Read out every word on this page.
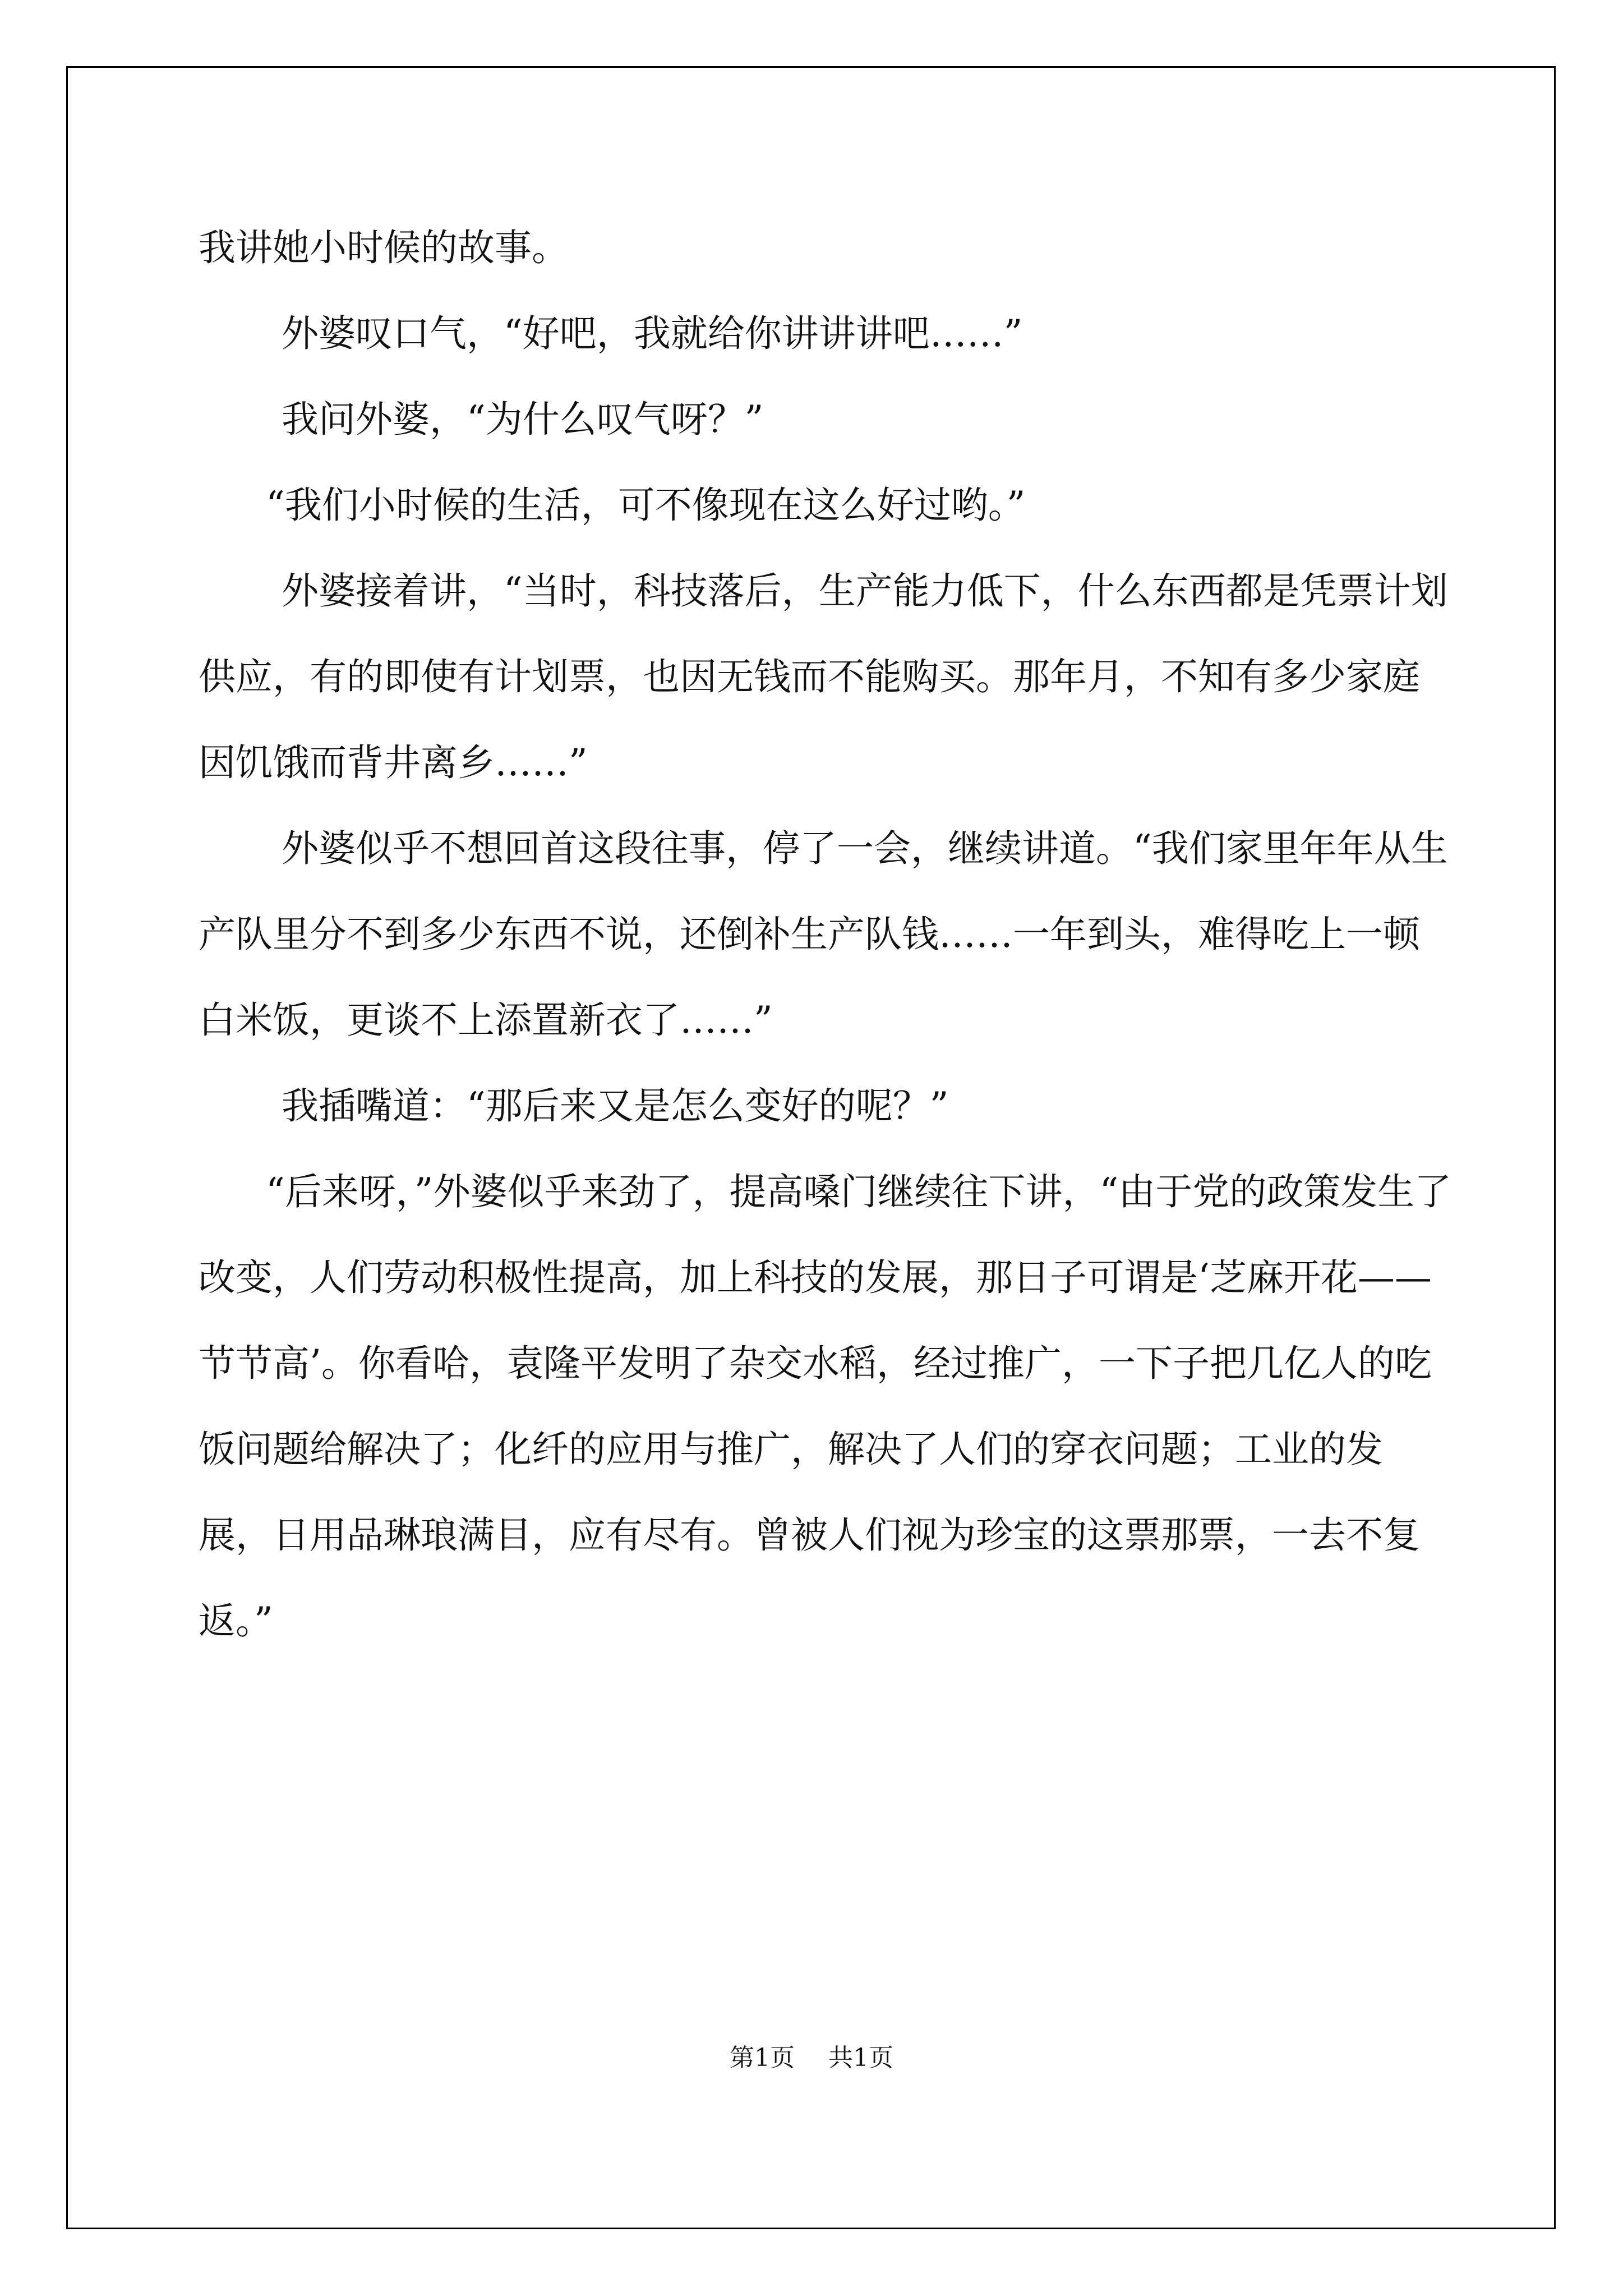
我讲她小时候的故事。

外婆叹口气，“好吧，我就给你讲讲讲吧……”

我问外婆，“为什么叹气呀？”

“我们小时候的生活，可不像现在这么好过哟。”

外婆接着讲，“当时，科技落后，生产能力低下，什么东西都是凭票计划供应，有的即使有计划票，也因无钱而不能购买。那年月，不知有多少家庭因饥饿而背井离乡……”

外婆似乎不想回首这段往事，停了一会，继续讲道。“我们家里年年从生产队里分不到多少东西不说，还倒补生产队钱……一年到头，难得吃上一顿白米饭，更谈不上添置新衣了……”

我插嘴道：“那后来又是怎么变好的呢？”

“后来呀，”外婆似乎来劲了，提高嗓门继续往下讲，“由于党的政策发生了改变，人们劳动积极性提高，加上科技的发展，那日子可谓是‘芝麻开花——节节高’。你看哈，袁隆平发明了杂交水稻，经过推广，一下子把几亿人的吃饭问题给解决了；化纤的应用与推广，解决了人们的穿衣问题；工业的发展，日用品琳琅满目，应有尽有。曾被人们视为珍宝的这票那票，一去不复返。”

第1页 共1页
